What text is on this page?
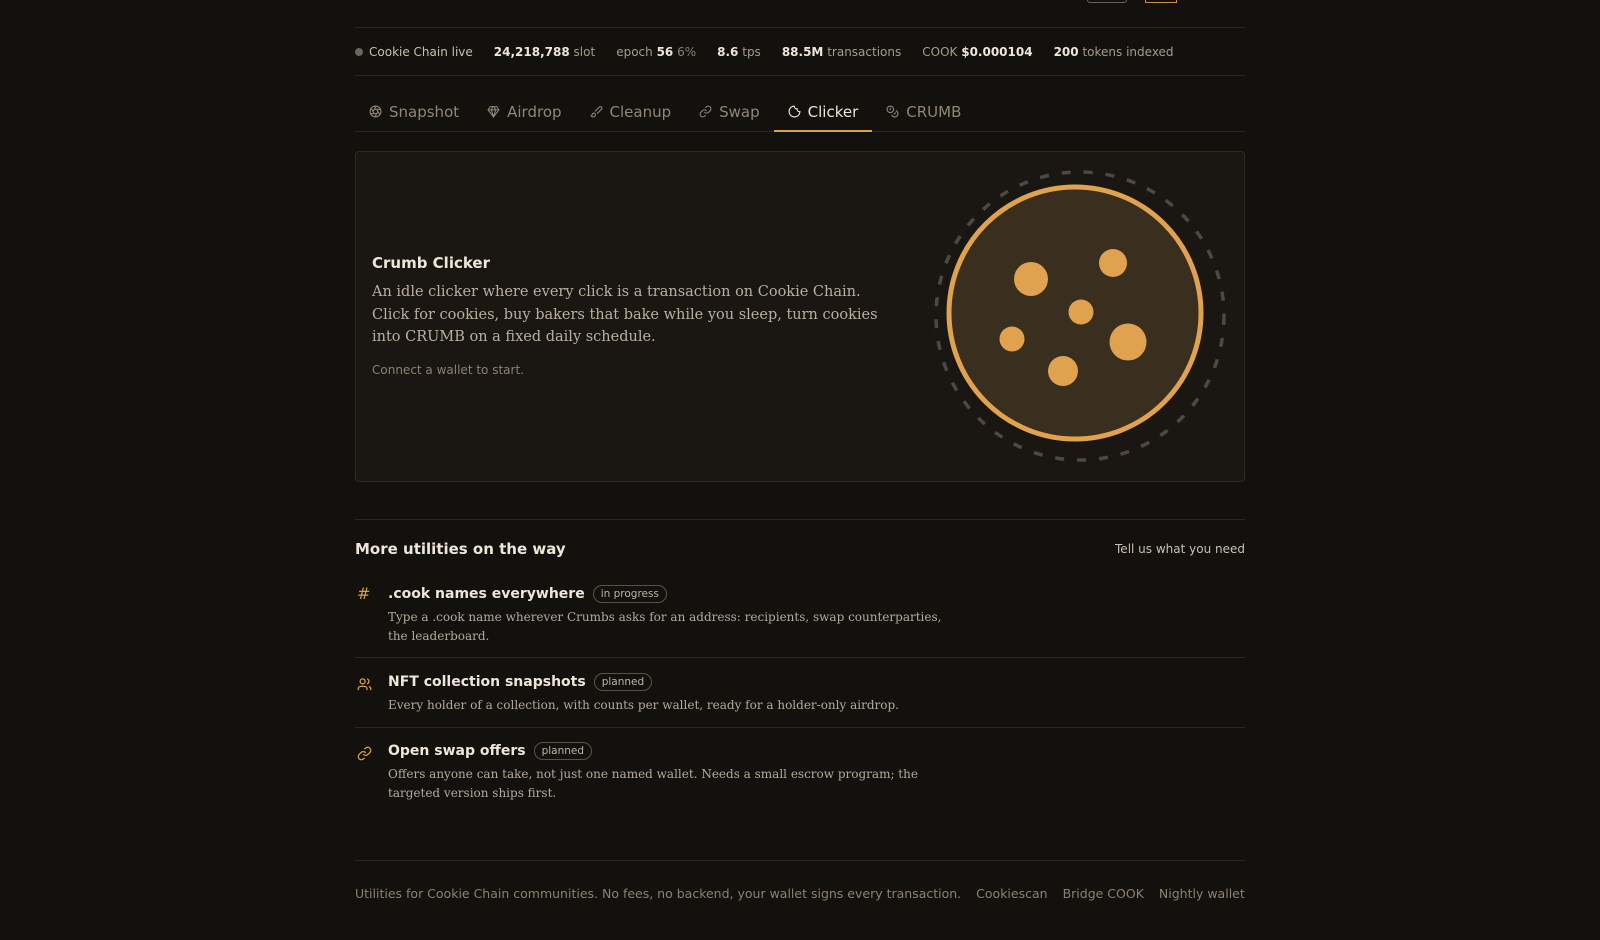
Cookie Chain live 24,218,788 slot epoch 56 6% 8.6 tps 88.5M transactions COOK $0.000104 200 tokens indexed
Snapshot	Airdrop	Cleanup	Swap	Clicker	CRUMB
Crumb Clicker
An idle clicker where every click is a transaction on Cookie Chain. Click for cookies, buy bakers that bake while you sleep, turn cookies into CRUMB on a fixed daily schedule.
Connect a wallet to start.
More utilities on the way	Tell us what you need
# .cook names everywhere	in progress
Type a .cook name wherever Crumbs asks for an address: recipients, swap counterparties, the leaderboard.
NFT collection snapshots	planned
Every holder of a collection, with counts per wallet, ready for a holder-only airdrop.
Open swap offers	planned
Offers anyone can take, not just one named wallet. Needs a small escrow program; the targeted version ships first.
Utilities for Cookie Chain communities. No fees, no backend, your wallet signs every transaction. Cookiescan Bridge COOK Nightly wallet
